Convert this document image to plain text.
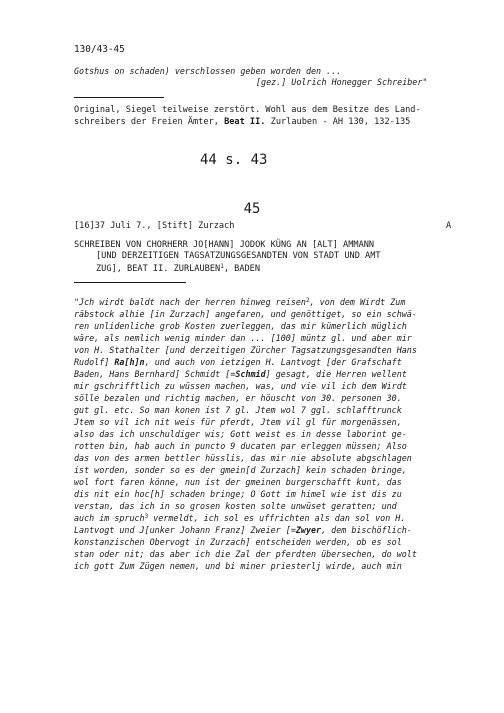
130/43-45
Gotshus on schaden) verschlossen geben worden den ...
[gez.] Uolrich Honegger Schreiber"
Original, Siegel teilweise zerstört. Wohl aus dem Besitze des Land-
schreibers der Freien Ämter, Beat II. Zurlauben - AH 130, 132-135
44 s. 43
45
[16]37 Juli 7., [Stift] Zurzach	A
SCHREIBEN VON CHORHERR JO[HANN] JODOK KÜNG AN [ALT] AMMANN
[UND DERZEITIGEN TAGSATZUNGSGESANDTEN VON STADT UND AMT
ZUG], BEAT II. ZURLAUBEN$^1$, BADEN
"Jch wirdt baldt nach der herren hinweg reisen$^2$, von dem Wirdt Zum
räbstock alhie [in Zurzach] angefaren, und genöttiget, so ein schwä-
ren unlidenliche grob Kosten zuerleggen, das mir kümerlich müglich
wäre, als nemlich wenig minder dan ... [100] müntz gl. und aber mir
von H. Stathalter [und derzeitigen Zürcher Tagsatzungsgesandten Hans
Rudolf] Ra[h]n, und auch von ietzigen H. Lantvogt [der Grafschaft
Baden, Hans Bernhard] Schmidt [=Schmid] gesagt, die Herren wellent
mir gschrifftlich zu wüssen machen, was, und vie vil ich dem Wirdt
sölle bezalen und richtig machen, er höuscht von 30. personen 30.
gut gl. etc. So man konen ist 7 gl. Jtem wol 7 ggl. schlafftrunck
Jtem so vil ich nit weis für pferdt, Jtem vil gl für morgenässen,
also das ich unschuldiger wis; Gott weist es in desse laborint ge-
rotten bin, hab auch in puncto 9 ducaten par erleggen müssen; Also
das von des armen bettler hüsslis, das mir nie absolute abgschlagen
ist worden, sonder so es der gmein[d Zurzach] kein schaden bringe,
wol fort faren könne, nun ist der gmeinen burgerschafft kunt, das
dis nit ein hoc[h] schaden bringe; O Gott im himel wie ist dis zu
verstan, das ich in so grosen kosten solte unwüset geratten; und
auch im spruch$^3$ vermeldt, ich sol es uffrichten als dan sol von H.
Lantvogt und J[unker Johann Franz] Zweier [=Zwyer, dem bischöflich-
konstanzischen Obervogt in Zurzach] entscheiden werden, ob es sol
stan oder nit; das aber ich die Zal der pferdten übersechen, do wolt
ich gott Zum Zügen nemen, und bi miner priesterlj wirde, auch min
